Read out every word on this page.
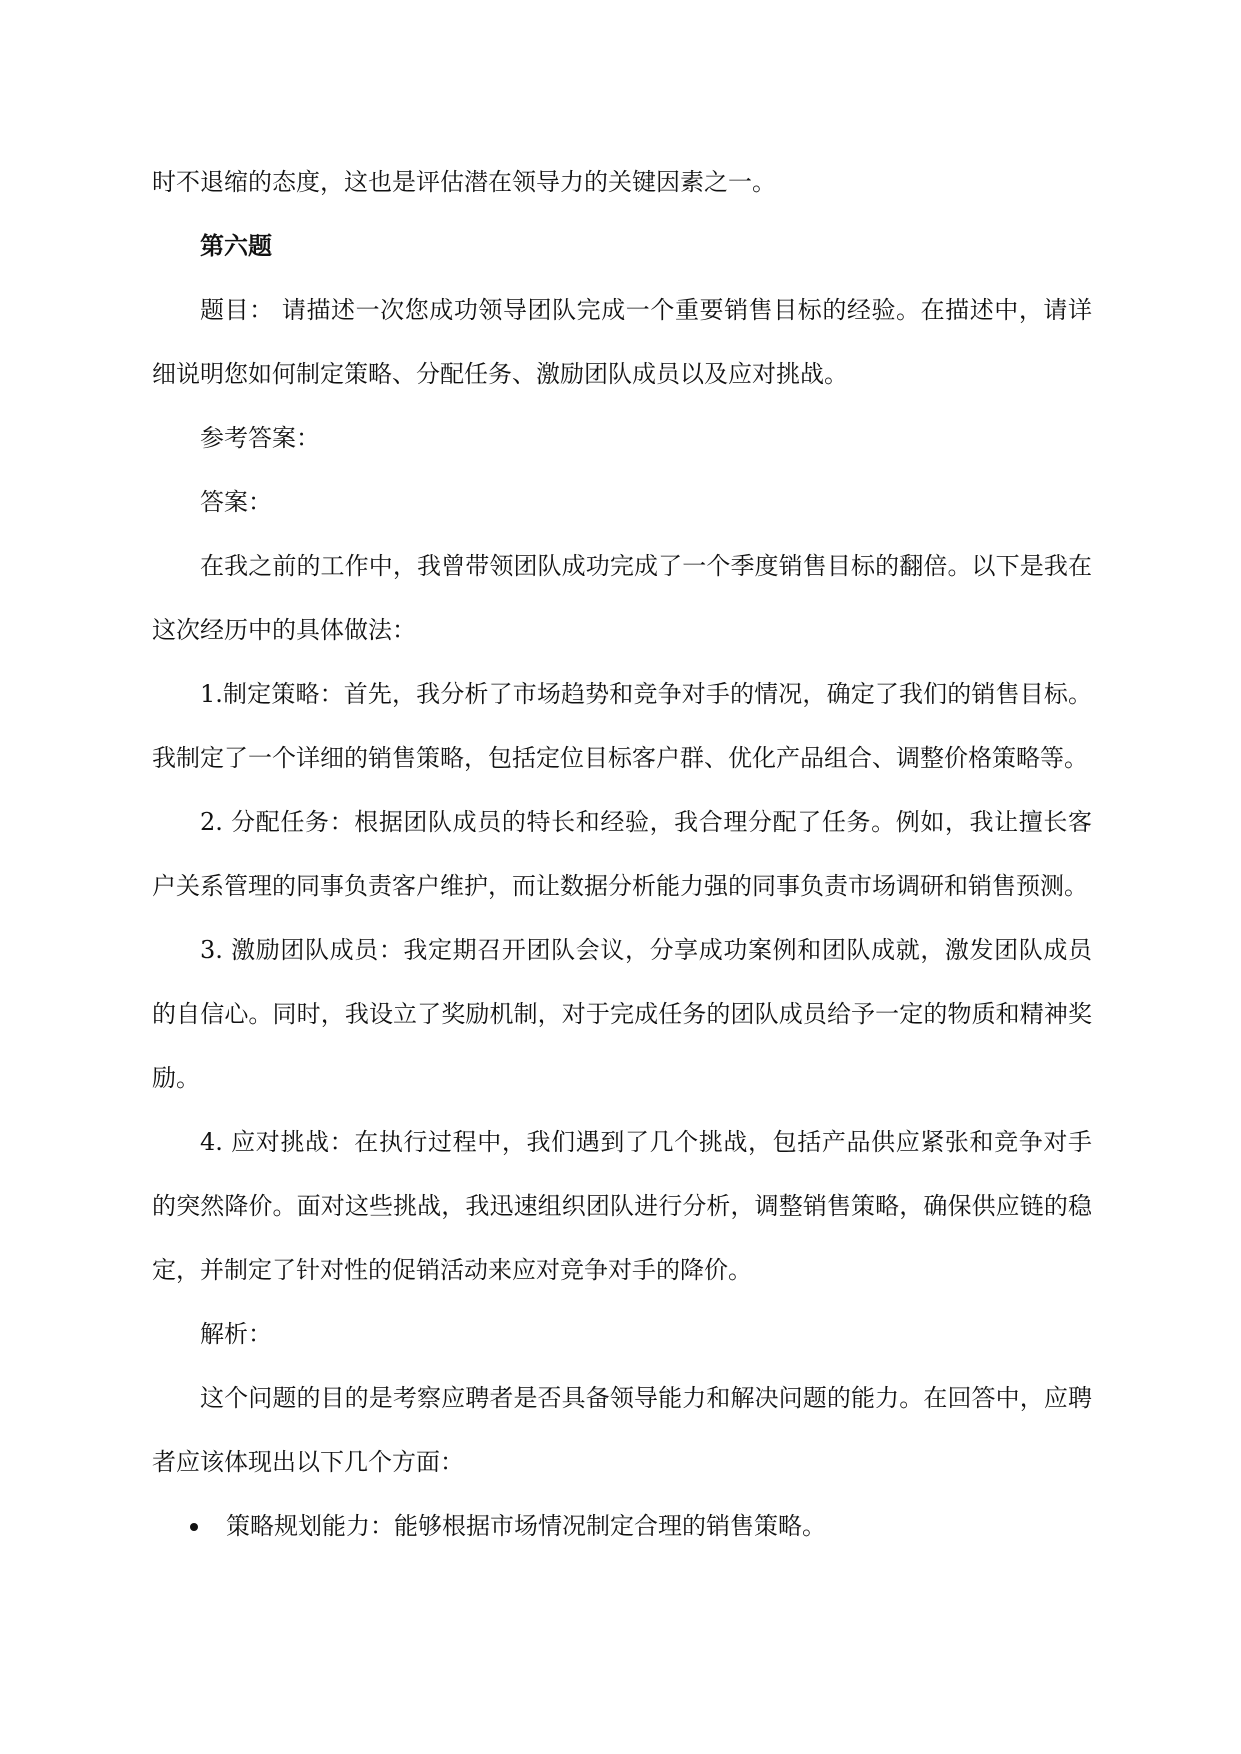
时不退缩的态度，这也是评估潜在领导力的关键因素之一。

第六题

题目： 请描述一次您成功领导团队完成一个重要销售目标的经验。在描述中，请详细说明您如何制定策略、分配任务、激励团队成员以及应对挑战。

参考答案：

答案：

在我之前的工作中，我曾带领团队成功完成了一个季度销售目标的翻倍。以下是我在这次经历中的具体做法：

1.制定策略：首先，我分析了市场趋势和竞争对手的情况，确定了我们的销售目标。我制定了一个详细的销售策略，包括定位目标客户群、优化产品组合、调整价格策略等。

2. 分配任务：根据团队成员的特长和经验，我合理分配了任务。例如，我让擅长客户关系管理的同事负责客户维护，而让数据分析能力强的同事负责市场调研和销售预测。

3. 激励团队成员：我定期召开团队会议，分享成功案例和团队成就，激发团队成员的自信心。同时，我设立了奖励机制，对于完成任务的团队成员给予一定的物质和精神奖励。

4. 应对挑战：在执行过程中，我们遇到了几个挑战，包括产品供应紧张和竞争对手的突然降价。面对这些挑战，我迅速组织团队进行分析，调整销售策略，确保供应链的稳定，并制定了针对性的促销活动来应对竞争对手的降价。

解析：

这个问题的目的是考察应聘者是否具备领导能力和解决问题的能力。在回答中，应聘者应该体现出以下几个方面：

策略规划能力：能够根据市场情况制定合理的销售策略。
